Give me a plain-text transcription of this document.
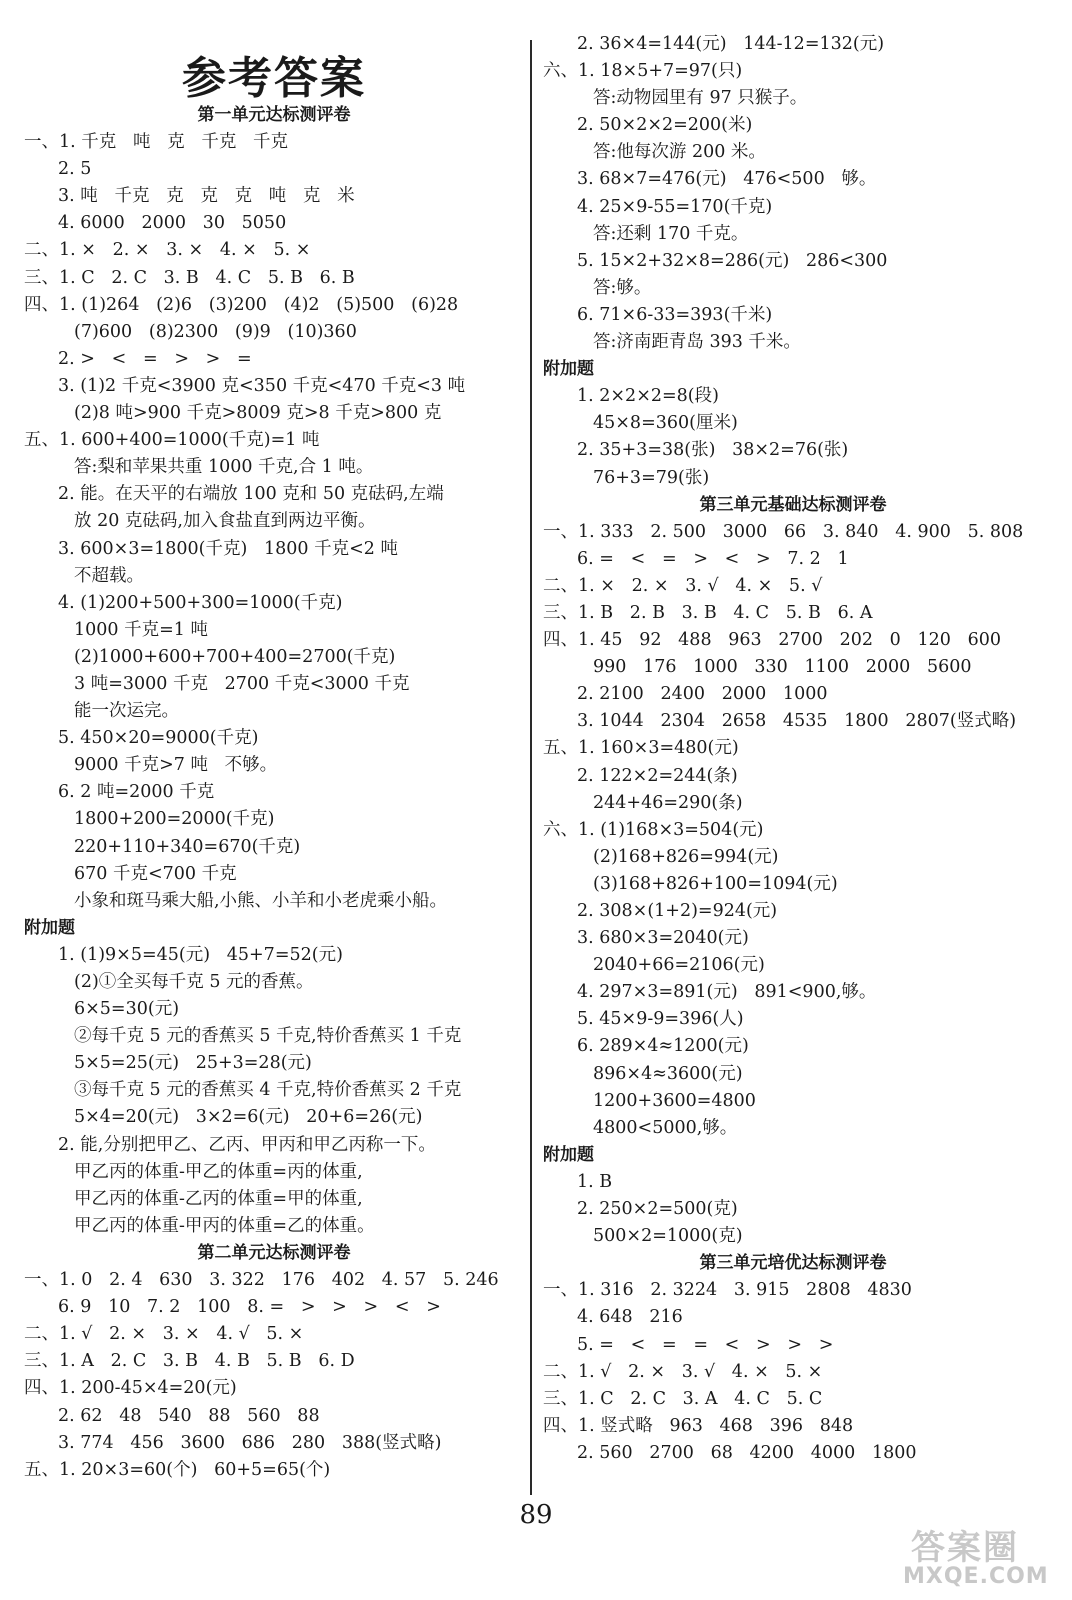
参考答案
第一单元达标测评卷
一、1. 千克   吨   克   千克   千克
2. 5
3. 吨   千克   克   克   克   吨   克   米
4. 6000   2000   30   5050
二、1. ×   2. ×   3. ×   4. ×   5. ×
三、1. C   2. C   3. B   4. C   5. B   6. B
四、1. (1)264   (2)6   (3)200   (4)2   (5)500   (6)28
(7)600   (8)2300   (9)9   (10)360
2. >   <   =   >   >   =
3. (1)2 千克<3900 克<350 千克<470 千克<3 吨
(2)8 吨>900 千克>8009 克>8 千克>800 克
五、1. 600+400=1000(千克)=1 吨
答:梨和苹果共重 1000 千克,合 1 吨。
2. 能。在天平的右端放 100 克和 50 克砝码,左端
放 20 克砝码,加入食盐直到两边平衡。
3. 600×3=1800(千克)   1800 千克<2 吨
不超载。
4. (1)200+500+300=1000(千克)
1000 千克=1 吨
(2)1000+600+700+400=2700(千克)
3 吨=3000 千克   2700 千克<3000 千克
能一次运完。
5. 450×20=9000(千克)
9000 千克>7 吨   不够。
6. 2 吨=2000 千克
1800+200=2000(千克)
220+110+340=670(千克)
670 千克<700 千克
小象和斑马乘大船,小熊、小羊和小老虎乘小船。
附加题
1. (1)9×5=45(元)   45+7=52(元)
(2)①全买每千克 5 元的香蕉。
6×5=30(元)
②每千克 5 元的香蕉买 5 千克,特价香蕉买 1 千克
5×5=25(元)   25+3=28(元)
③每千克 5 元的香蕉买 4 千克,特价香蕉买 2 千克
5×4=20(元)   3×2=6(元)   20+6=26(元)
2. 能,分别把甲乙、乙丙、甲丙和甲乙丙称一下。
甲乙丙的体重-甲乙的体重=丙的体重,
甲乙丙的体重-乙丙的体重=甲的体重,
甲乙丙的体重-甲丙的体重=乙的体重。
第二单元达标测评卷
一、1. 0   2. 4   630   3. 322   176   402   4. 57   5. 246
6. 9   10   7. 2   100   8. =   >   >   >   <   >
二、1. √   2. ×   3. ×   4. √   5. ×
三、1. A   2. C   3. B   4. B   5. B   6. D
四、1. 200-45×4=20(元)
2. 62   48   540   88   560   88
3. 774   456   3600   686   280   388(竖式略)
五、1. 20×3=60(个)   60+5=65(个)
2. 36×4=144(元)   144-12=132(元)
六、1. 18×5+7=97(只)
答:动物园里有 97 只猴子。
2. 50×2×2=200(米)
答:他每次游 200 米。
3. 68×7=476(元)   476<500   够。
4. 25×9-55=170(千克)
答:还剩 170 千克。
5. 15×2+32×8=286(元)   286<300
答:够。
6. 71×6-33=393(千米)
答:济南距青岛 393 千米。
附加题
1. 2×2×2=8(段)
45×8=360(厘米)
2. 35+3=38(张)   38×2=76(张)
76+3=79(张)
第三单元基础达标测评卷
一、1. 333   2. 500   3000   66   3. 840   4. 900   5. 808
6. =   <   =   >   <   >   7. 2   1
二、1. ×   2. ×   3. √   4. ×   5. √
三、1. B   2. B   3. B   4. C   5. B   6. A
四、1. 45   92   488   963   2700   202   0   120   600
990   176   1000   330   1100   2000   5600
2. 2100   2400   2000   1000
3. 1044   2304   2658   4535   1800   2807(竖式略)
五、1. 160×3=480(元)
2. 122×2=244(条)
244+46=290(条)
六、1. (1)168×3=504(元)
(2)168+826=994(元)
(3)168+826+100=1094(元)
2. 308×(1+2)=924(元)
3. 680×3=2040(元)
2040+66=2106(元)
4. 297×3=891(元)   891<900,够。
5. 45×9-9=396(人)
6. 289×4≈1200(元)
896×4≈3600(元)
1200+3600=4800
4800<5000,够。
附加题
1. B
2. 250×2=500(克)
500×2=1000(克)
第三单元培优达标测评卷
一、1. 316   2. 3224   3. 915   2808   4830
4. 648   216
5. =   <   =   =   <   >   >   >
二、1. √   2. ×   3. √   4. ×   5. ×
三、1. C   2. C   3. A   4. C   5. C
四、1. 竖式略   963   468   396   848
2. 560   2700   68   4200   4000   1800
89
答案圈
MXQE.COM
